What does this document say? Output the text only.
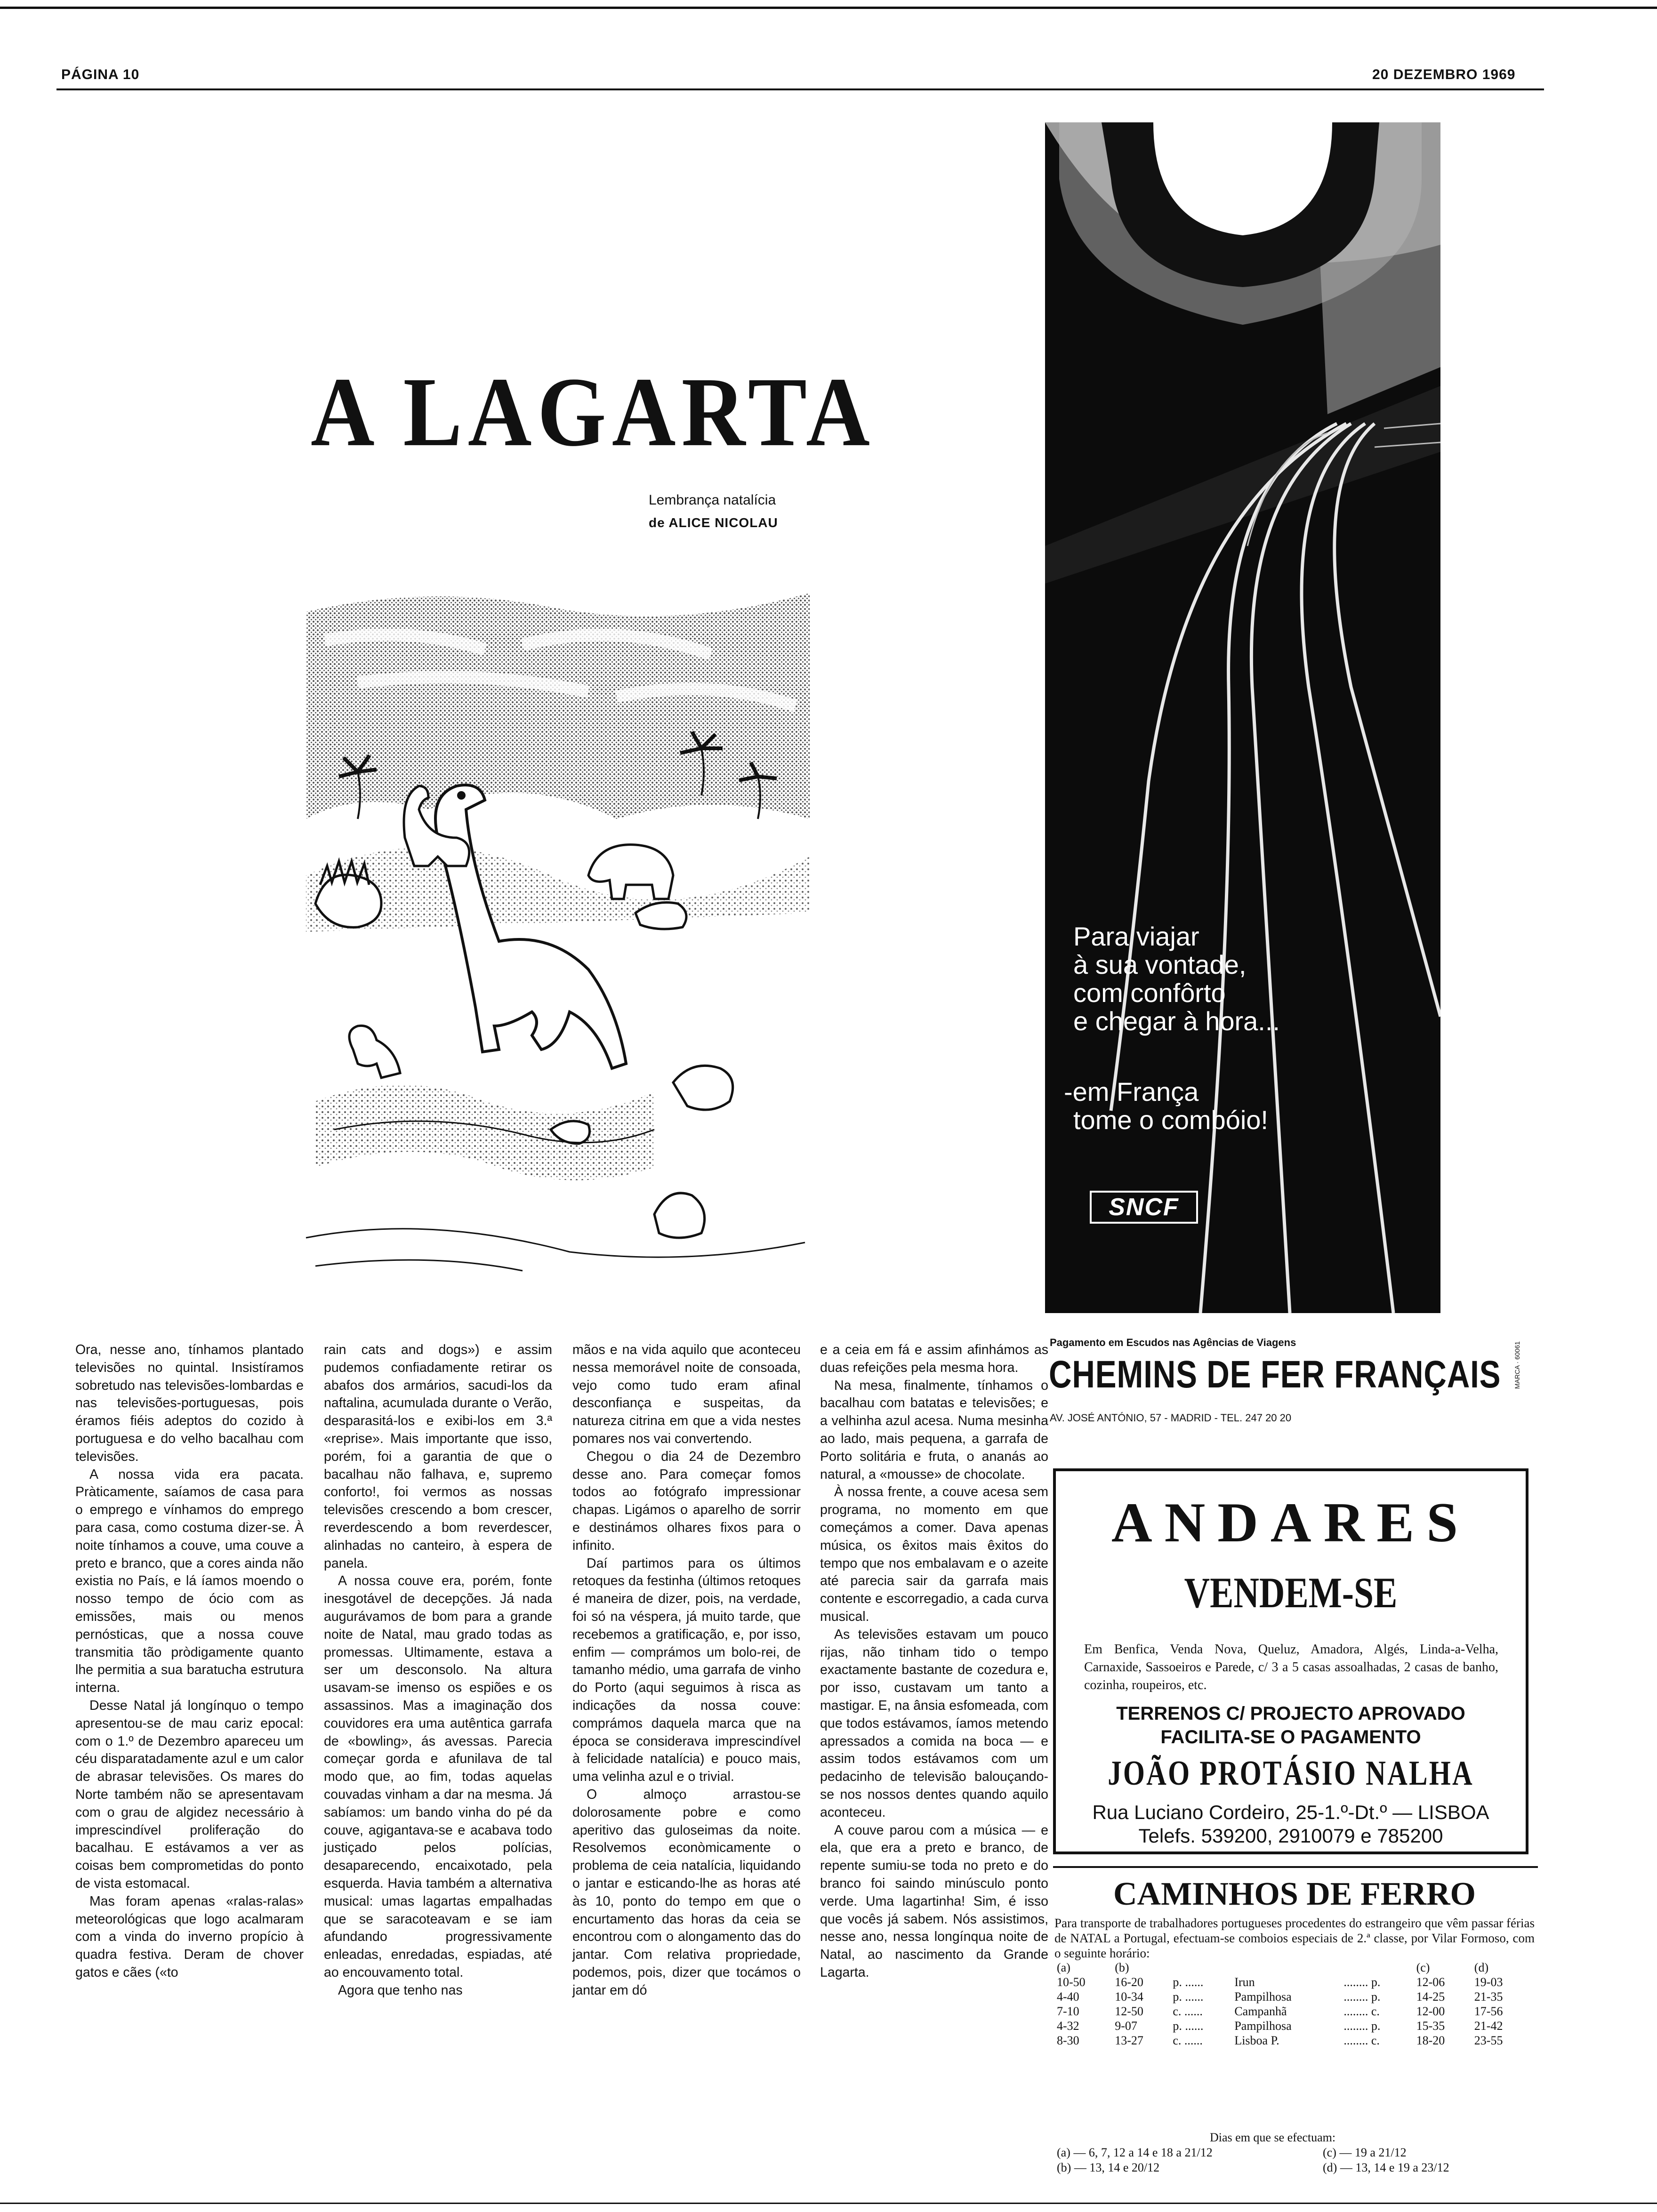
PÁGINA 10	20 DEZEMBRO 1969
A LAGARTA
Lembrança natalícia
de ALICE NICOLAU

Ora, nesse ano, tínhamos plantado televisões no quintal. Insistíramos sobretudo nas televisões-lombardas e nas televisões-portuguesas, pois éramos fiéis adeptos do cozido à portuguesa e do velho bacalhau com televisões.

A nossa vida era pacata. Pràticamente, saíamos de casa para o emprego e vínhamos do emprego para casa, como costuma dizer-se. À noite tínhamos a couve, uma couve a preto e branco, que a cores ainda não existia no País, e lá íamos moendo o nosso tempo de ócio com as emissões, mais ou menos pernósticas, que a nossa couve transmitia tão pròdigamente quanto lhe permitia a sua baratucha estrutura interna.

Desse Natal já longínquo o tempo apresentou-se de mau cariz epocal: com o 1.º de Dezembro apareceu um céu disparatadamente azul e um calor de abrasar televisões. Os mares do Norte também não se apresentavam com o grau de algidez necessário à imprescindível proliferação do bacalhau. E estávamos a ver as coisas bem comprometidas do ponto de vista estomacal.

Mas foram apenas «ralas-ralas» meteorológicas que logo acalmaram com a vinda do inverno propício à quadra festiva. Deram de chover gatos e cães («to

rain cats and dogs») e assim pudemos confiadamente retirar os abafos dos armários, sacudi-los da naftalina, acumulada durante o Verão, desparasitá-los e exibi-los em 3.ª «reprise». Mais importante que isso, porém, foi a garantia de que o bacalhau não falhava, e, supremo conforto!, foi vermos as nossas televisões crescendo a bom crescer, reverdescendo a bom reverdescer, alinhadas no canteiro, à espera de panela.

A nossa couve era, porém, fonte inesgotável de decepções. Já nada augurávamos de bom para a grande noite de Natal, mau grado todas as promessas. Ultimamente, estava a ser um desconsolo. Na altura usavam-se imenso os espiões e os assassinos. Mas a imaginação dos couvidores era uma autêntica garrafa de «bowling», ás avessas. Parecia começar gorda e afunilava de tal modo que, ao fim, todas aquelas couvadas vinham a dar na mesma. Já sabíamos: um bando vinha do pé da couve, agigantava-se e acabava todo justiçado pelos polícias, desaparecendo, encaixotado, pela esquerda. Havia também a alternativa musical: umas lagartas empalhadas que se saracoteavam e se iam afundando progressivamente enleadas, enredadas, espiadas, até ao encouvamento total.

Agora que tenho nas

mãos e na vida aquilo que aconteceu nessa memorável noite de consoada, vejo como tudo eram afinal desconfiança e suspeitas, da natureza citrina em que a vida nestes pomares nos vai convertendo.

Chegou o dia 24 de Dezembro desse ano. Para começar fomos todos ao fotógrafo impressionar chapas. Ligámos o aparelho de sorrir e destinámos olhares fixos para o infinito.

Daí partimos para os últimos retoques da festinha (últimos retoques é maneira de dizer, pois, na verdade, foi só na véspera, já muito tarde, que recebemos a gratificação, e, por isso, enfim — comprámos um bolo-rei, de tamanho médio, uma garrafa de vinho do Porto (aqui seguimos à risca as indicações da nossa couve: comprámos daquela marca que na época se considerava imprescindível à felicidade natalícia) e pouco mais, uma velinha azul e o trivial.

O almoço arrastou-se dolorosamente pobre e como aperitivo das guloseimas da noite. Resolvemos econòmicamente o problema de ceia natalícia, liquidando o jantar e esticando-lhe as horas até às 10, ponto do tempo em que o encurtamento das horas da ceia se encontrou com o alongamento das do jantar. Com relativa propriedade, podemos, pois, dizer que tocámos o jantar em dó

e a ceia em fá e assim afinhámos as duas refeições pela mesma hora.

Na mesa, finalmente, tínhamos o bacalhau com batatas e televisões; e a velhinha azul acesa. Numa mesinha ao lado, mais pequena, a garrafa de Porto solitária e fruta, o ananás ao natural, a «mousse» de chocolate.

À nossa frente, a couve acesa sem programa, no momento em que começámos a comer. Dava apenas música, os êxitos mais êxitos do tempo que nos embalavam e o azeite até parecia sair da garrafa mais contente e escorregadio, a cada curva musical.

As televisões estavam um pouco rijas, não tinham tido o tempo exactamente bastante de cozedura e, por isso, custavam um tanto a mastigar. E, na ânsia esfomeada, com que todos estávamos, íamos metendo apressados a comida na boca — e assim todos estávamos com um pedacinho de televisão balouçando-se nos nossos dentes quando aquilo aconteceu.

A couve parou com a música — e ela, que era a preto e branco, de repente sumiu-se toda no preto e do branco foi saindo minúsculo ponto verde. Uma lagartinha! Sim, é isso que vocês já sabem. Nós assistimos, nesse ano, nessa longínqua noite de Natal, ao nascimento da Grande Lagarta.

Para viajar
à sua vontade,
com confôrto
e chegar à hora...
-em França
tome o combóio!
SNCF
Pagamento em Escudos nas Agências de Viagens
CHEMINS DE FER FRANÇAIS
AV. JOSÉ ANTÓNIO, 57 - MADRID - TEL. 247 20 20
MARCA · 60061
ANDARES
VENDEM-SE
Em Benfica, Venda Nova, Queluz, Amadora, Algés, Linda-a-Velha, Carnaxide, Sassoeiros e Parede, c/ 3 a 5 casas assoalhadas, 2 casas de banho, cozinha, roupeiros, etc.
TERRENOS C/ PROJECTO APROVADO
FACILITA-SE O PAGAMENTO
JOÃO PROTÁSIO NALHA
Rua Luciano Cordeiro, 25-1.º-Dt.º — LISBOA
Telefs. 539200, 2910079 e 785200
CAMINHOS DE FERRO
Para transporte de trabalhadores portugueses procedentes do estrangeiro que vêm passar férias de NATAL a Portugal, efectuam-se comboios especiais de 2.ª classe, por Vilar Formoso, com o seguinte horário:
(a)	(b)				(c)	(d)
10-50	16-20	p. ......	Irun	........ p.	12-06	19-03
4-40	10-34	p. ......	Pampilhosa	........ p.	14-25	21-35
7-10	12-50	c. ......	Campanhã	........ c.	12-00	17-56
4-32	9-07	p. ......	Pampilhosa	........ p.	15-35	21-42
8-30	13-27	c. ......	Lisboa P.	........ c.	18-20	23-55
Dias em que se efectuam:
(a) — 6, 7, 12 a 14 e 18 a 21/12
(b) — 13, 14 e 20/12
(c) — 19 a 21/12
(d) — 13, 14 e 19 a 23/12
